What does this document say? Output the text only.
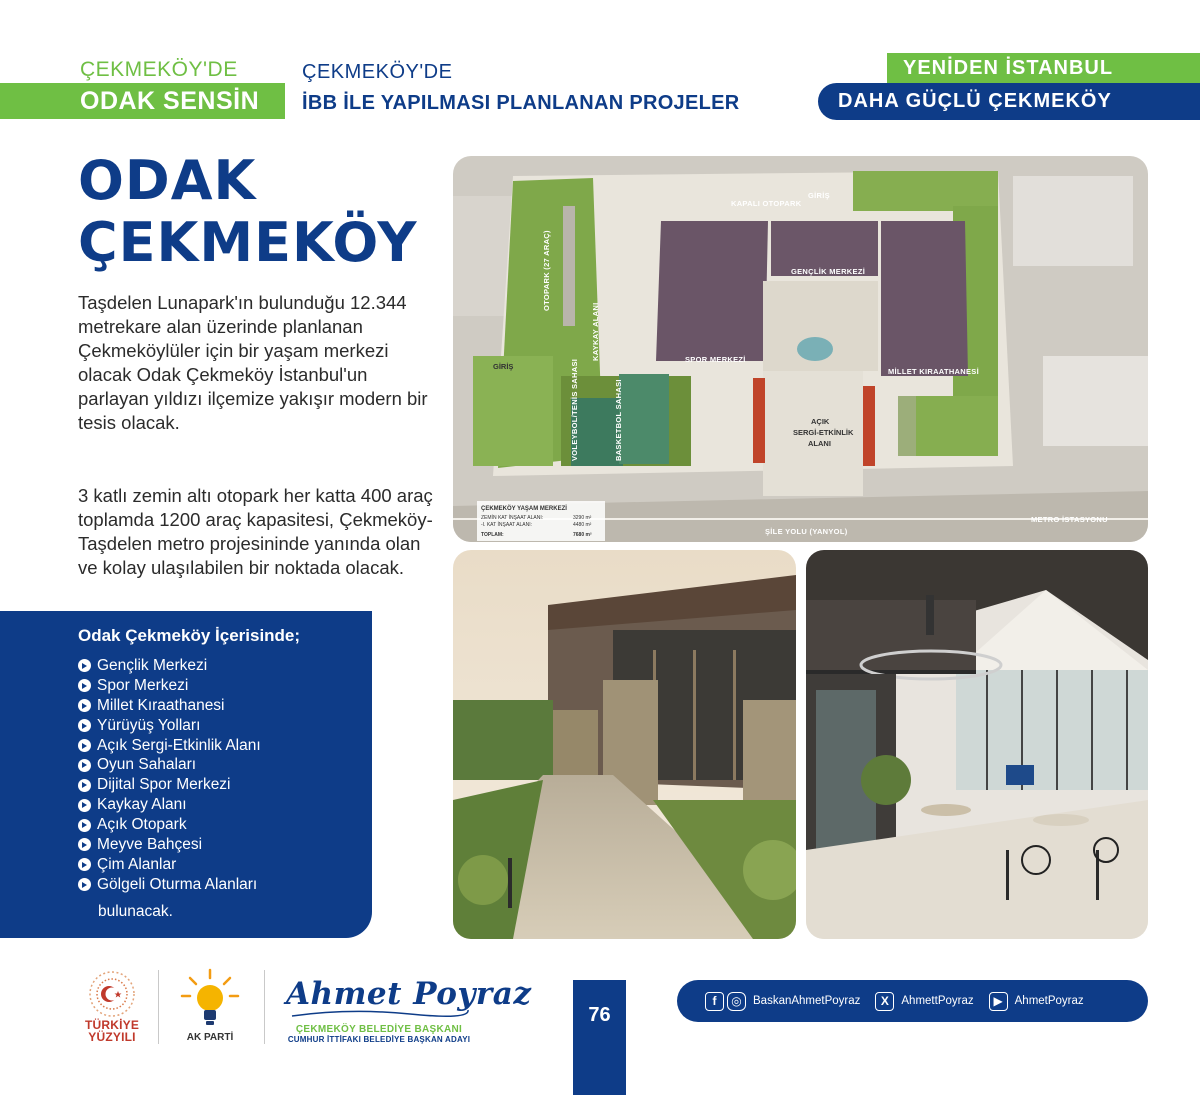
ÇEKMEKÖY'DE
ODAK SENSİN
ÇEKMEKÖY'DE
İBB İLE YAPILMASI PLANLANAN PROJELER
YENİDEN İSTANBUL
DAHA GÜÇLÜ ÇEKMEKÖY
ODAK
ÇEKMEKÖY

Taşdelen Lunapark'ın bulunduğu 12.344 metrekare alan üzerinde planlanan Çekmeköylüler için bir yaşam merkezi olacak Odak Çekmeköy İstanbul'un parlayan yıldızı ilçemize yakışır modern bir tesis olacak.

3 katlı zemin altı otopark her katta 400 araç toplamda 1200 araç kapasitesi, Çekmeköy-Taşdelen metro projesininde yanında olan ve kolay ulaşılabilen bir noktada olacak.

Odak Çekmeköy İçerisinde;
Gençlik Merkezi
Spor Merkezi
Millet Kıraathanesi
Yürüyüş Yolları
Açık Sergi-Etkinlik Alanı
Oyun Sahaları
Dijital Spor Merkezi
Kaykay Alanı
Açık Otopark
Meyve Bahçesi
Çim Alanlar
Gölgeli Oturma Alanları
bulunacak.
KAPALI OTOPARK
GİRİŞ
GENÇLİK MERKEZİ
SPOR MERKEZİ
MİLLET KIRAATHANESİ
AÇIK
SERGİ-ETKİNLİK
ALANI
GİRİŞ
OTOPARK (27 ARAÇ)
KAYKAY ALANI
VOLEYBOL/TENİS SAHASI	BASKETBOL SAHASI
ŞİLE YOLU (YANYOL)
METRO İSTASYONU
ÇEKMEKÖY YAŞAM MERKEZİ
ZEMİN KAT İNŞAAT ALANI:	3290 m²
-I. KAT İNŞAAT ALANI:	4480 m²
TOPLAM:	7680 m²
TÜRKİYE
YÜZYILI	AK PARTİ
Ahmet Poyraz
ÇEKMEKÖY BELEDİYE BAŞKANI
CUMHUR İTTİFAKI BELEDİYE BAŞKAN ADAYI
76
f	◎ BaskanAhmetPoyraz	X	AhmettPoyraz	▶	AhmetPoyraz
